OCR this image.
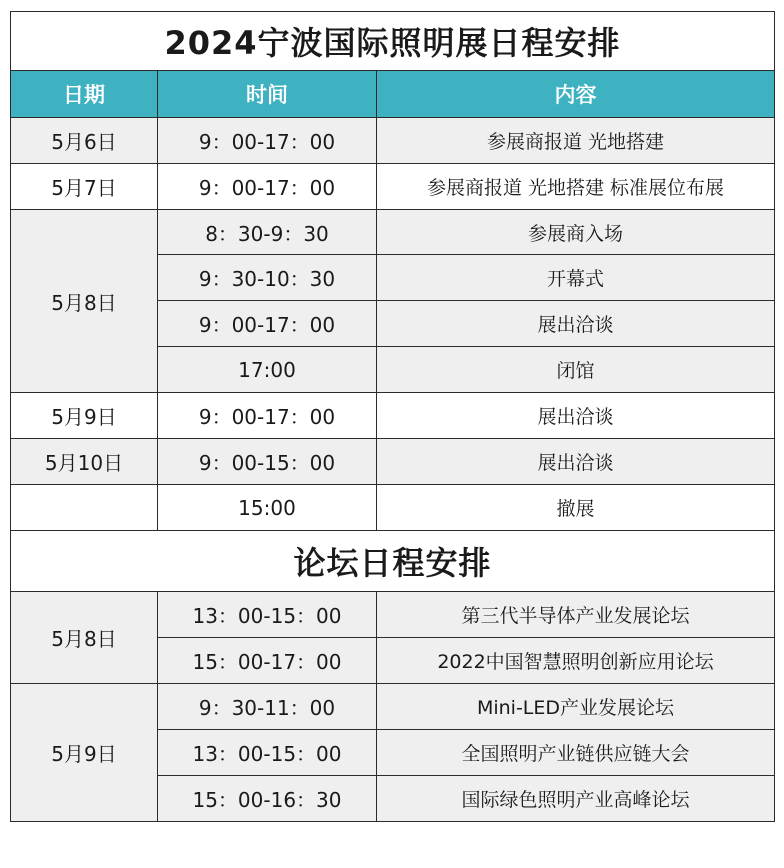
2024宁波国际照明展日程安排		
日期	时间	内容
5月6日	9：00-17：00	参展商报道 光地搭建
5月7日	9：00-17：00	参展商报道 光地搭建 标准展位布展
5月8日	8：30-9：30	参展商入场
	9：30-10：30	开幕式
	9：00-17：00	展出洽谈
	17:00	闭馆
5月9日	9：00-17：00	展出洽谈
5月10日	9：00-15：00	展出洽谈
	15:00	撤展
论坛日程安排		
5月8日	13：00-15：00	第三代半导体产业发展论坛
	15：00-17：00	2022中国智慧照明创新应用论坛
5月9日	9：30-11：00	Mini-LED产业发展论坛
	13：00-15：00	全国照明产业链供应链大会
	15：00-16：30	国际绿色照明产业高峰论坛
